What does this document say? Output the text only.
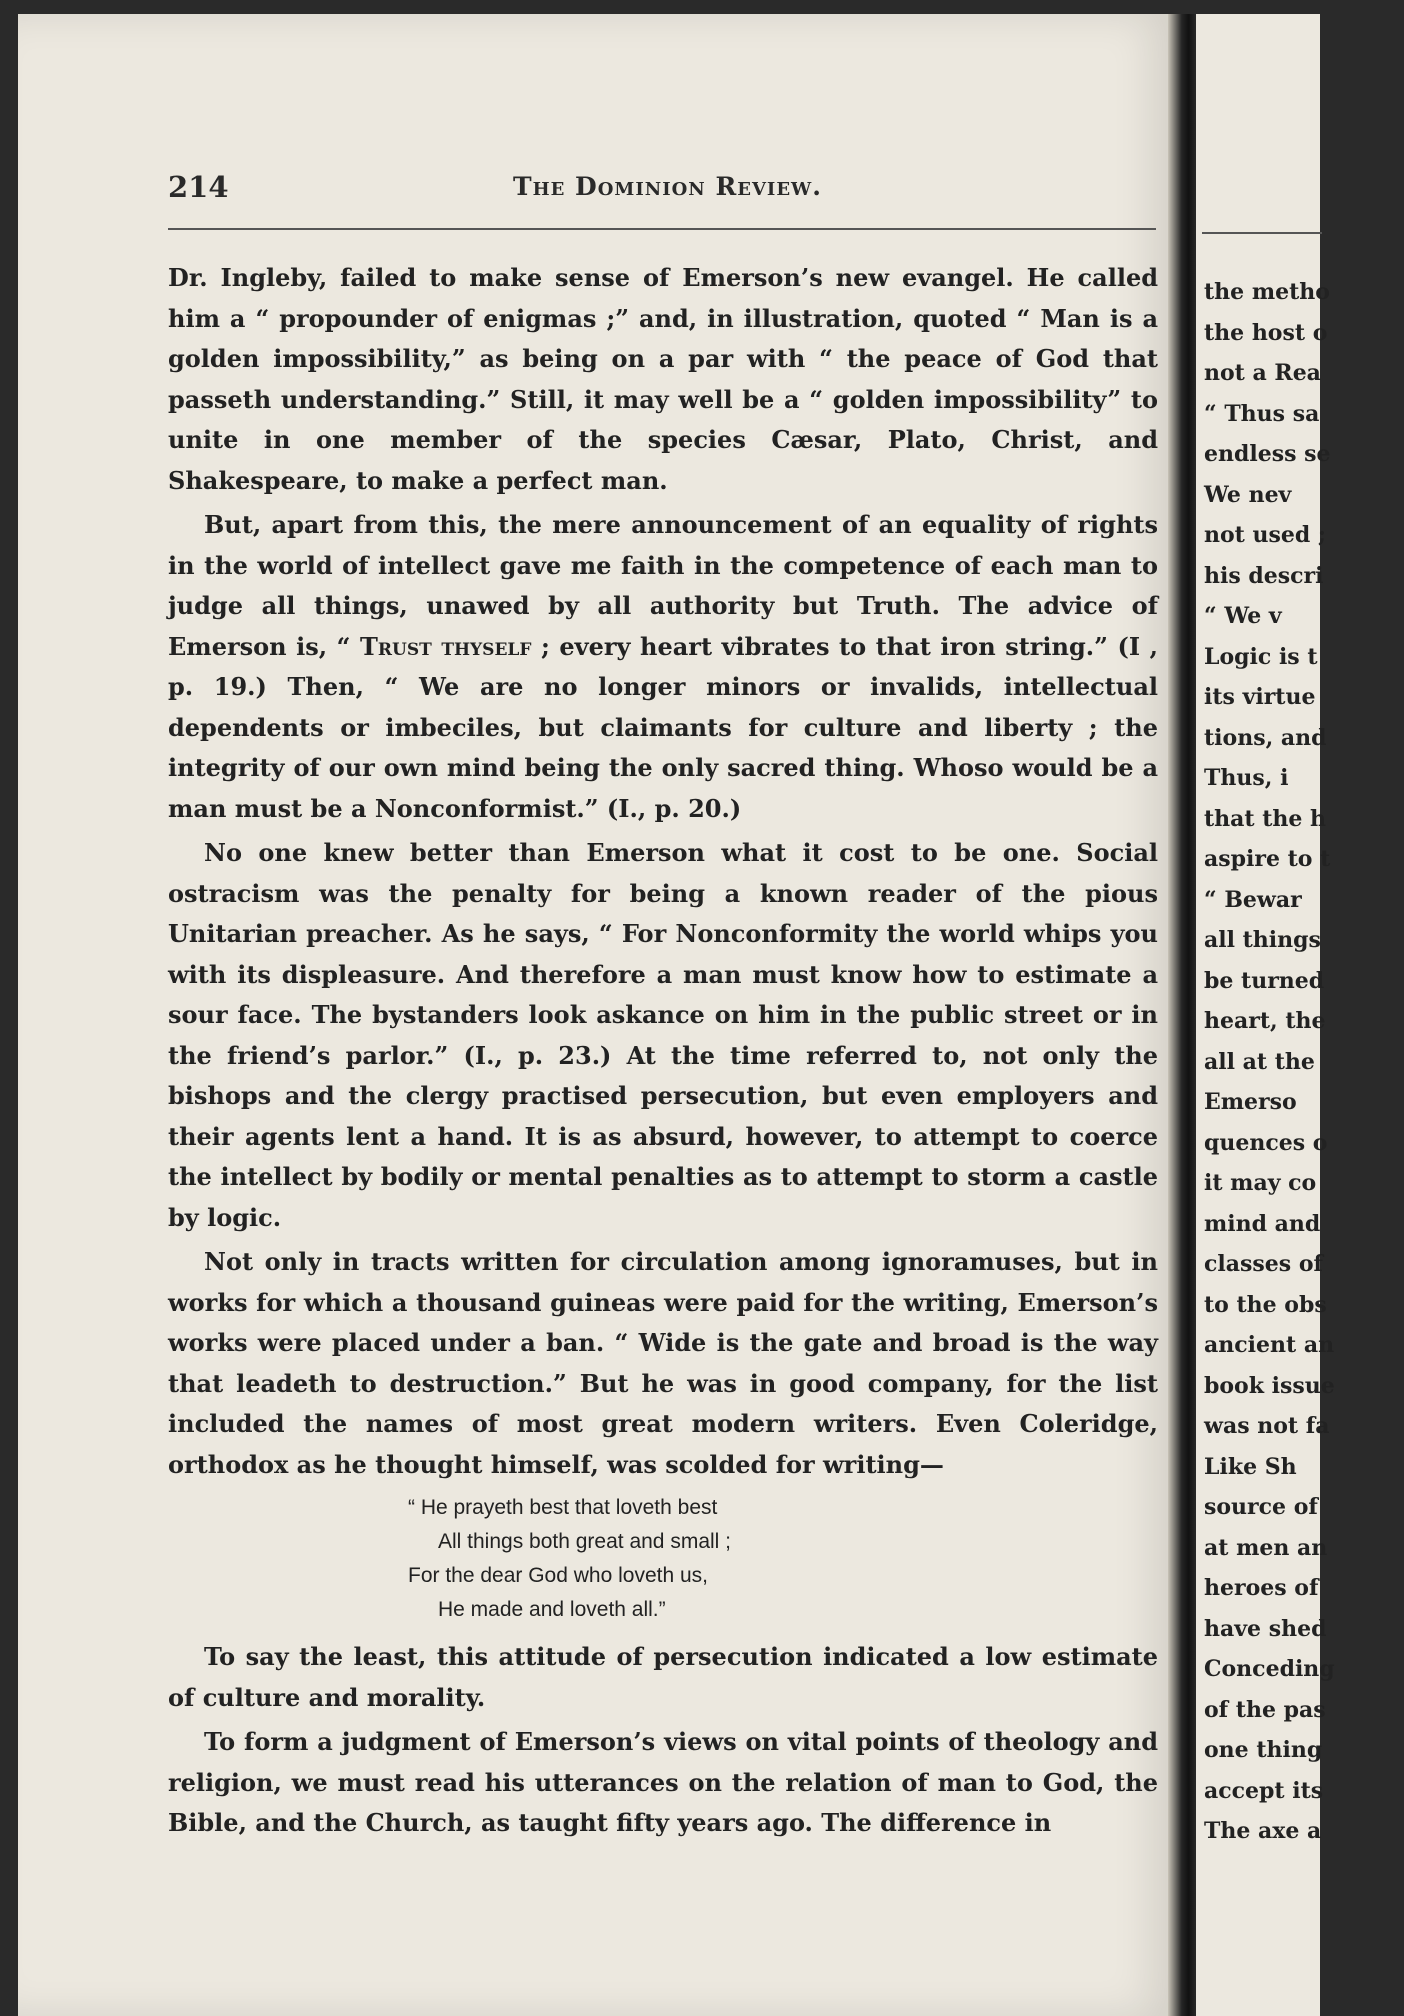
the metho
the host o
not a Rea
“ Thus sa
endless se
We nev
not used ;
his descri
“ We v
Logic is t
its virtue
tions, and
Thus, i
that the h
aspire to t
“ Bewar
all things
be turned
heart, the
all at the
Emerso
quences o
it may co
mind and
classes of
to the obs
ancient an
book issue
was not fa
Like Sh
source of
at men an
heroes of
have shed
Conceding
of the pas
one thing
accept its
The axe a
214	The Dominion Review.

Dr. Ingleby, failed to make sense of Emerson’s new evangel. He called him a “ propounder of enigmas ;” and, in illustration, quoted “ Man is a golden impossibility,” as being on a par with “ the peace of God that passeth understanding.” Still, it may well be a “ golden impossibility” to unite in one member of the species Cæsar, Plato, Christ, and Shakespeare, to make a perfect man.

But, apart from this, the mere announcement of an equality of rights in the world of intellect gave me faith in the competence of each man to judge all things, unawed by all authority but Truth. The advice of Emerson is, “ Trust thyself ; every heart vibrates to that iron string.” (I , p. 19.) Then, “ We are no longer minors or invalids, intellectual dependents or imbeciles, but claimants for culture and liberty ; the integrity of our own mind being the only sacred thing. Whoso would be a man must be a Nonconformist.” (I., p. 20.)

No one knew better than Emerson what it cost to be one. Social ostracism was the penalty for being a known reader of the pious Unitarian preacher. As he says, “ For Nonconformity the world whips you with its displeasure. And therefore a man must know how to estimate a sour face. The bystanders look askance on him in the public street or in the friend’s parlor.” (I., p. 23.) At the time referred to, not only the bishops and the clergy practised persecution, but even employers and their agents lent a hand. It is as absurd, however, to attempt to coerce the intellect by bodily or mental penalties as to attempt to storm a castle by logic.

Not only in tracts written for circulation among ignoramuses, but in works for which a thousand guineas were paid for the writing, Emerson’s works were placed under a ban. “ Wide is the gate and broad is the way that leadeth to destruction.” But he was in good company, for the list included the names of most great modern writers. Even Coleridge, orthodox as he thought himself, was scolded for writing—

“ He prayeth best that loveth best
All things both great and small ;
For the dear God who loveth us,
He made and loveth all.”

To say the least, this attitude of persecution indicated a low estimate of culture and morality.

To form a judgment of Emerson’s views on vital points of theology and religion, we must read his utterances on the relation of man to God, the Bible, and the Church, as taught fifty years ago. The difference in
